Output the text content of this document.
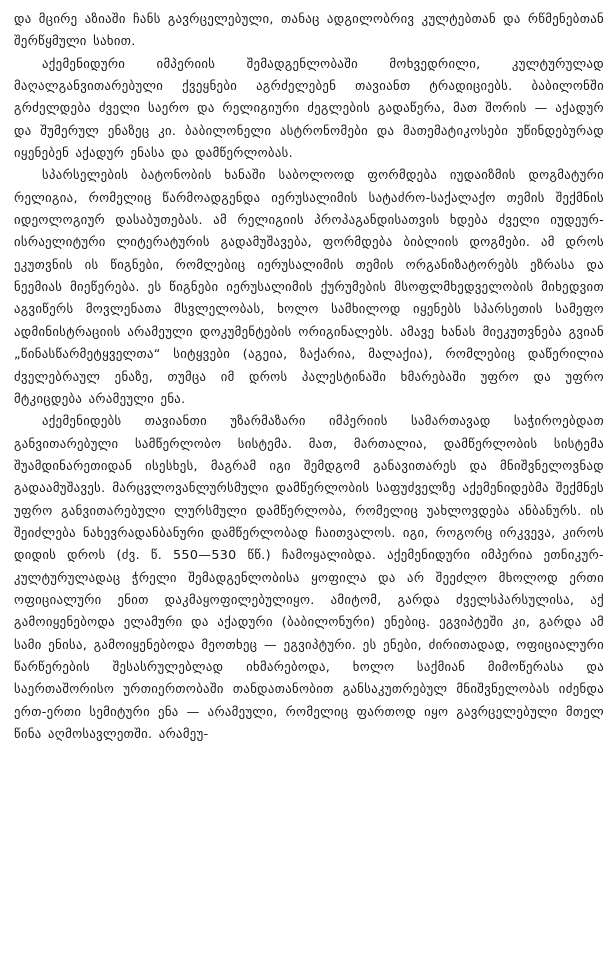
და მცირე აზიაში ჩანს გავრცელებული, თანაც ადგილობრივ კულტებთან და რწმენებთან შერწყმული სახით.

აქემენიდური იმპერიის შემადგენლობაში მოხვედრილი, კულტურულად მაღალგანვითარებული ქვეყნები აგრძელებენ თავიანთ ტრადიციებს. ბაბილონში გრძელდება ძველი საერო და რელიგიური ძეგლების გადაწერა, მათ შორის — აქადურ და შუმერულ ენაზეც კი. ბაბილონელი ასტრონომები და მათემატიკოსები უწინდებურად იყენებენ აქადურ ენასა და დამწერლობას.

სპარსელების ბატონობის ხანაში საბოლოოდ ფორმდება იუდაიზმის დოგმატური რელიგია, რომელიც წარმოადგენდა იერუსალიმის სატაძრო-საქალაქო თემის შექმნის იდეოლოგიურ დასაბუთებას. ამ რელიგიის პროპაგანდისათვის ხდება ძველი იუდეურ-ისრაელიტური ლიტერატურის გადამუშავება, ფორმდება ბიბლიის დოგმები. ამ დროს ეკუთვნის ის წიგნები, რომლებიც იერუსალიმის თემის ორგანიზატორებს ეზრასა და ნეემიას მიეწერება. ეს წიგნები იერუსალიმის ქურუმების მსოფლმხედველობის მიხედვით აგვიწერს მოვლენათა მსვლელობას, ხოლო სამხილოდ იყენებს სპარსეთის სამეფო ადმინისტრაციის არამეული დოკუმენტების ორიგინალებს. ამავე ხანას მიეკუთვნება გვიან „წინასწარმეტყველთა“ სიტყვები (აგეია, ზაქარია, მალაქია), რომლებიც დაწერილია ძველებრაულ ენაზე, თუმცა იმ დროს პალესტინაში ხმარებაში უფრო და უფრო მტკიცდება არამეული ენა.

აქემენიდებს თავიანთი უზარმაზარი იმპერიის სამართავად საჭიროებდათ განვითარებული სამწერლობო სისტემა. მათ, მართალია, დამწერლობის სისტემა შუამდინარეთიდან ისესხეს, მაგრამ იგი შემდგომ განავითარეს და მნიშვნელოვნად გადაამუშავეს. მარცვლოვანლურსმული დამწერლობის საფუძველზე აქემენიდებმა შექმნეს უფრო განვითარებული ლურსმული დამწერლობა, რომელიც უახლოვდება ანბანურს. ის შეიძლება ნახევრადანბანური დამწერლობად ჩაითვალოს. იგი, როგორც ირკვევა, კიროს დიდის დროს (ძვ. წ. 550—530 წწ.) ჩამოყალიბდა. აქემენიდური იმპერია ეთნიკურ-კულტურულადაც ჭრელი შემადგენლობისა ყოფილა და არ შეეძლო მხოლოდ ერთი ოფიციალური ენით დაკმაყოფილებულიყო. ამიტომ, გარდა ძველსპარსულისა, აქ გამოიყენებოდა ელამური და აქადური (ბაბილონური) ენებიც. ეგვიპტეში კი, გარდა ამ სამი ენისა, გამოიყენებოდა მეოთხეც — ეგვიპტური. ეს ენები, ძირითადად, ოფიციალური წარწერების შესასრულებლად იხმარებოდა, ხოლო საქმიან მიმოწერასა და საერთაშორისო ურთიერთობაში თანდათანობით განსაკუთრებულ მნიშვნელობას იძენდა ერთ-ერთი სემიტური ენა — არამეული, რომელიც ფართოდ იყო გავრცელებული მთელ წინა აღმოსავლეთში. არამეუ-
